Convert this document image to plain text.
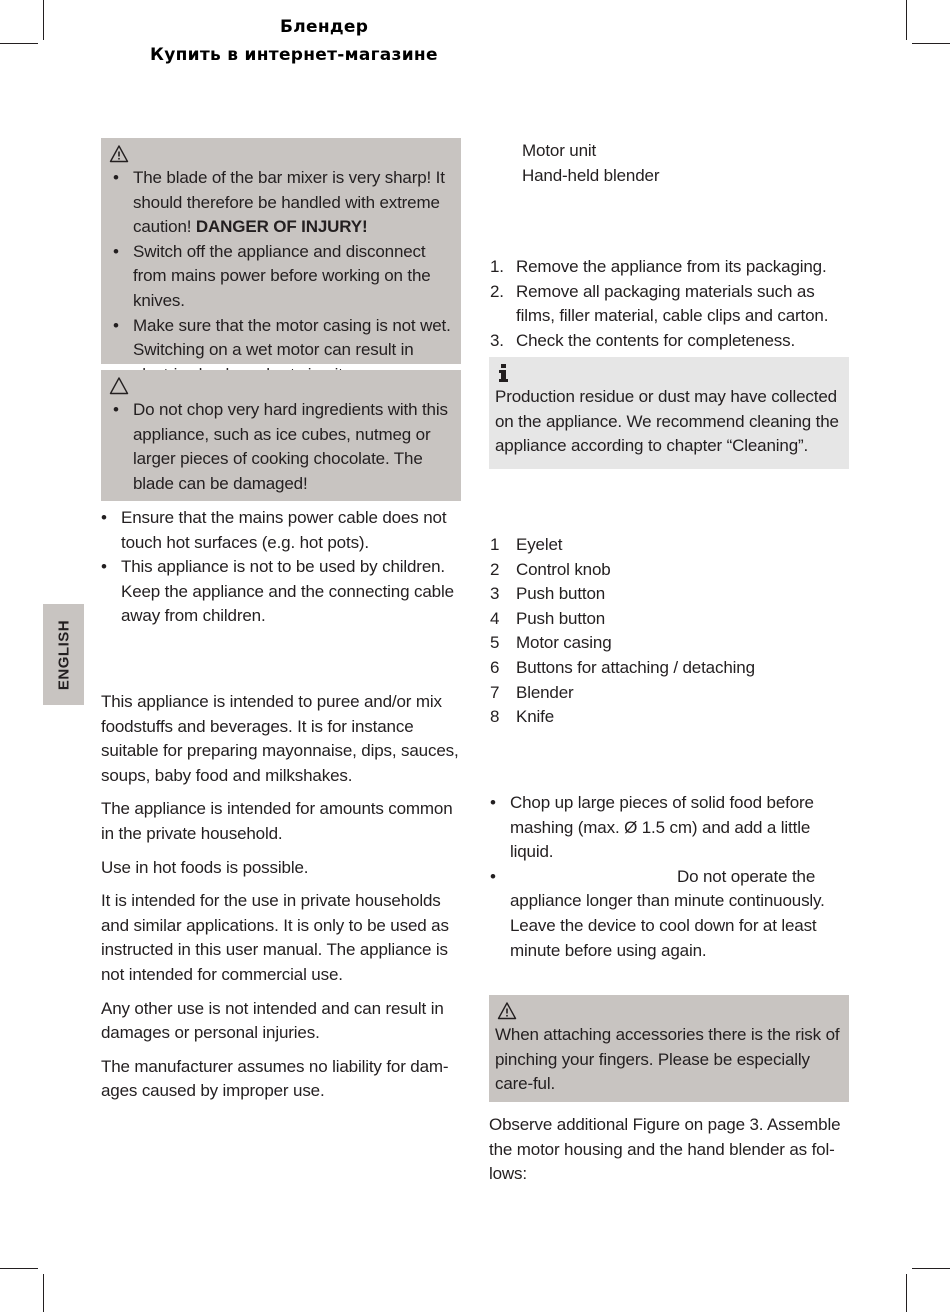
Блендер
Купить в интернет-магазине
ENGLISH
• The blade of the bar mixer is very sharp! It should therefore be handled with extreme caution! DANGER OF INJURY!
• Switch off the appliance and disconnect from mains power before working on the knives.
• Make sure that the motor casing is not wet. Switching on a wet motor can result in
• Do not chop very hard ingredients with this appliance, such as ice cubes, nutmeg or larger pieces of cooking chocolate. The blade can be damaged!
• Ensure that the mains power cable does not touch hot surfaces (e.g. hot pots).
• This appliance is not to be used by children. Keep the appliance and the connecting cable away from children.

This appliance is intended to puree and/or mix foodstuffs and beverages. It is for instance suitable for preparing mayonnaise, dips, sauces, soups, baby food and milkshakes.

The appliance is intended for amounts common in the private household.

Use in hot foods is possible.

It is intended for the use in private households and similar applications. It is only to be used as instructed in this user manual. The appliance is not intended for commercial use.

Any other use is not intended and can result in damages or personal injuries.

The manufacturer assumes no liability for dam-ages caused by improper use.

Motor unit
Hand-held blender
1. Remove the appliance from its packaging.
2. Remove all packaging materials such as films, filler material, cable clips and carton.
3. Check the contents for completeness.
Production residue or dust may have collected on the appliance. We recommend cleaning the appliance according to chapter “Cleaning”.
1 Eyelet
2 Control knob
3 Push button
4 Push button
5 Motor casing
6 Buttons for attaching / detaching
7 Blender
8 Knife
• Chop up large pieces of solid food before
mashing (max. Ø 1.5 cm) and add a little liquid.
•	Do not operate the
appliance longer than minute continuously. Leave the device to cool down for at least minute before using again.
When attaching accessories there is the risk of pinching your fingers. Please be especially care-ful.
Observe additional Figure on page 3. Assemble the motor housing and the hand blender as fol-lows:
